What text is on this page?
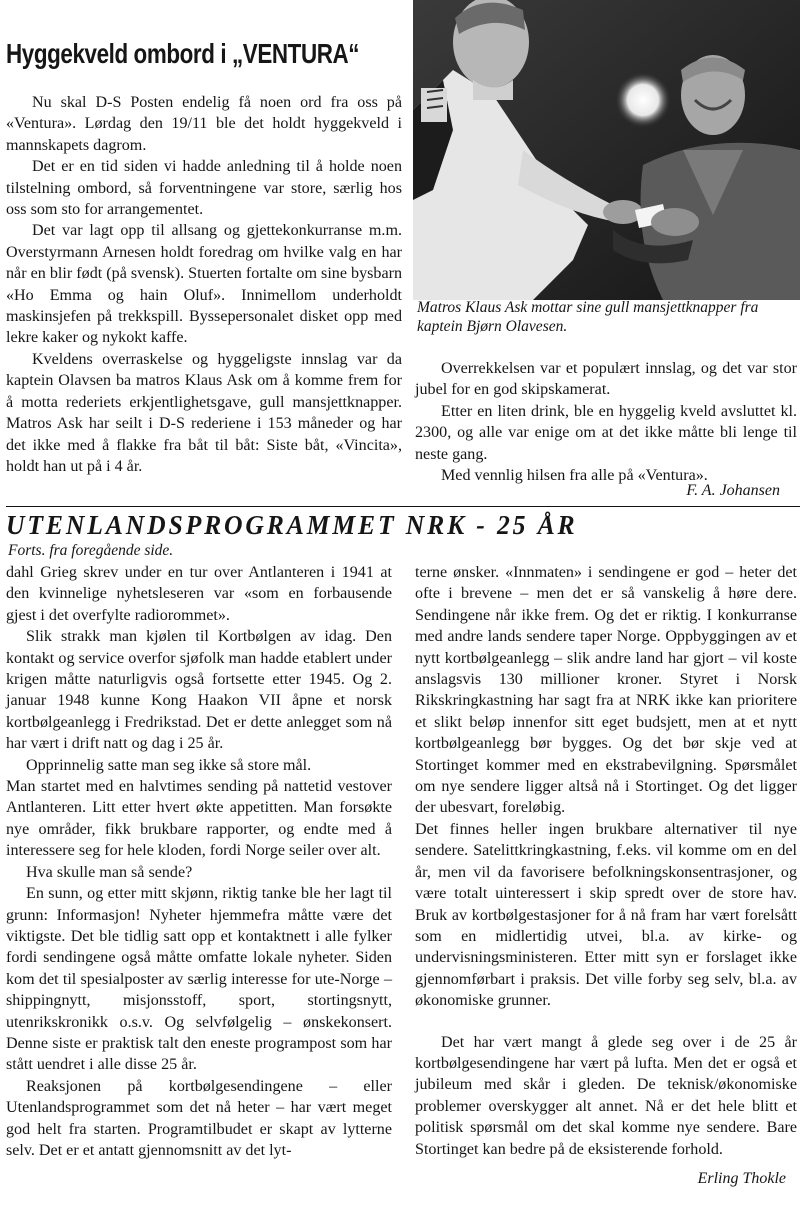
Hyggekveld ombord i „VENTURA“

Nu skal D-S Posten endelig få noen ord fra oss på «Ventura». Lørdag den 19/11 ble det holdt hyggekveld i mannskapets dagrom.

Det er en tid siden vi hadde anledning til å holde noen tilstelning ombord, så forventningene var store, særlig hos oss som sto for arrangementet.

Det var lagt opp til allsang og gjettekonkurranse m.m. Overstyrmann Arnesen holdt foredrag om hvilke valg en har når en blir født (på svensk). Stuerten fortalte om sine bysbarn «Ho Emma og hain Oluf». Innimellom underholdt maskinsjefen på trekkspill. Byssepersonalet disket opp med lekre kaker og nykokt kaffe.

Kveldens overraskelse og hyggeligste innslag var da kaptein Olavsen ba matros Klaus Ask om å komme frem for å motta rederiets erkjentlighetsgave, gull mansjettknapper. Matros Ask har seilt i D-S rederiene i 153 måneder og har det ikke med å flakke fra båt til båt: Siste båt, «Vincita», holdt han ut på i 4 år.

Matros Klaus Ask mottar sine gull mansjettknapper fra kaptein Bjørn Olavesen.

Overrekkelsen var et populært innslag, og det var stor jubel for en god skipskamerat.

Etter en liten drink, ble en hyggelig kveld avsluttet kl. 2300, og alle var enige om at det ikke måtte bli lenge til neste gang.

Med vennlig hilsen fra alle på «Ventura».

F. A. Johansen
UTENLANDSPROGRAMMET NRK - 25 ÅR
Forts. fra foregående side.

dahl Grieg skrev under en tur over Antlanteren i 1941 at den kvinnelige nyhetsleseren var «som en forbausende gjest i det overfylte radiorommet».

Slik strakk man kjølen til Kortbølgen av idag. Den kontakt og service overfor sjøfolk man hadde etablert under krigen måtte naturligvis også fortsette etter 1945. Og 2. januar 1948 kunne Kong Haakon VII åpne et norsk kortbølgeanlegg i Fredrikstad. Det er dette anlegget som nå har vært i drift natt og dag i 25 år.

Opprinnelig satte man seg ikke så store mål.

Man startet med en halvtimes sending på nattetid vestover Antlanteren. Litt etter hvert økte appetitten. Man forsøkte nye områder, fikk brukbare rapporter, og endte med å interessere seg for hele kloden, fordi Norge seiler over alt.

Hva skulle man så sende?

En sunn, og etter mitt skjønn, riktig tanke ble her lagt til grunn: Informasjon! Nyheter hjemmefra måtte være det viktigste. Det ble tidlig satt opp et kontaktnett i alle fylker fordi sendingene også måtte omfatte lokale nyheter. Siden kom det til spesialposter av særlig interesse for ute-Norge – shippingnytt, misjonsstoff, sport, stortingsnytt, utenrikskronikk o.s.v. Og selvfølgelig – ønskekonsert. Denne siste er praktisk talt den eneste programpost som har stått uendret i alle disse 25 år.

Reaksjonen på kortbølgesendingene – eller Utenlandsprogrammet som det nå heter – har vært meget god helt fra starten. Programtilbudet er skapt av lytterne selv. Det er et antatt gjennomsnitt av det lyt-

terne ønsker. «Innmaten» i sendingene er god – heter det ofte i brevene – men det er så vanskelig å høre dere. Sendingene når ikke frem. Og det er riktig. I konkurranse med andre lands sendere taper Norge. Oppbyggingen av et nytt kortbølgeanlegg – slik andre land har gjort – vil koste anslagsvis 130 millioner kroner. Styret i Norsk Rikskringkastning har sagt fra at NRK ikke kan prioritere et slikt beløp innenfor sitt eget budsjett, men at et nytt kortbølgeanlegg bør bygges. Og det bør skje ved at Stortinget kommer med en ekstrabevilgning. Spørsmålet om nye sendere ligger altså nå i Stortinget. Og det ligger der ubesvart, foreløbig.

Det finnes heller ingen brukbare alternativer til nye sendere. Satelittkringkastning, f.eks. vil komme om en del år, men vil da favorisere befolkningskonsentrasjoner, og være totalt uinteressert i skip spredt over de store hav. Bruk av kortbølgestasjoner for å nå fram har vært forelsått som en midlertidig utvei, bl.a. av kirke- og undervisningsministeren. Etter mitt syn er forslaget ikke gjennomførbart i praksis. Det ville forby seg selv, bl.a. av økonomiske grunner.

Det har vært mangt å glede seg over i de 25 år kortbølgesendingene har vært på lufta. Men det er også et jubileum med skår i gleden. De teknisk/økonomiske problemer overskygger alt annet. Nå er det hele blitt et politisk spørsmål om det skal komme nye sendere. Bare Stortinget kan bedre på de eksisterende forhold.

Erling Thokle
